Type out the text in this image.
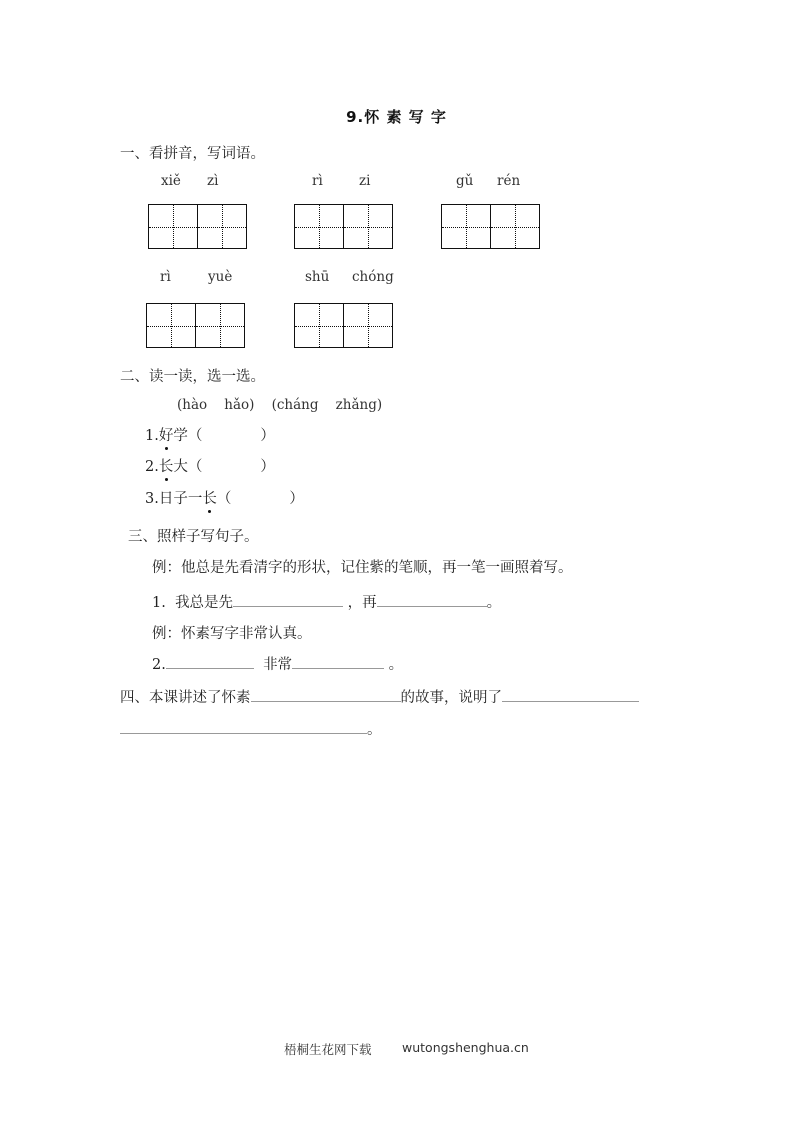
9.怀 素 写 字
一、看拼音，写词语。
xiě zì	rì	zi	gǔ rén
rì	yuè	shū chóng
二、读一读，选一选。
(hào    hǎo)    (cháng    zhǎng)
1.好学（	）
2.长大（	）
3.日子一长（	）
三、照样子写句子。
例：他总是先看清字的形状，记住紫的笔顺，再一笔一画照着写。
1. 我总是先	，再	。
例：怀素写字非常认真。
2.	非常	。
四、本课讲述了怀素	的故事，说明了
。
梧桐生花网下载 wutongshenghua.cn
